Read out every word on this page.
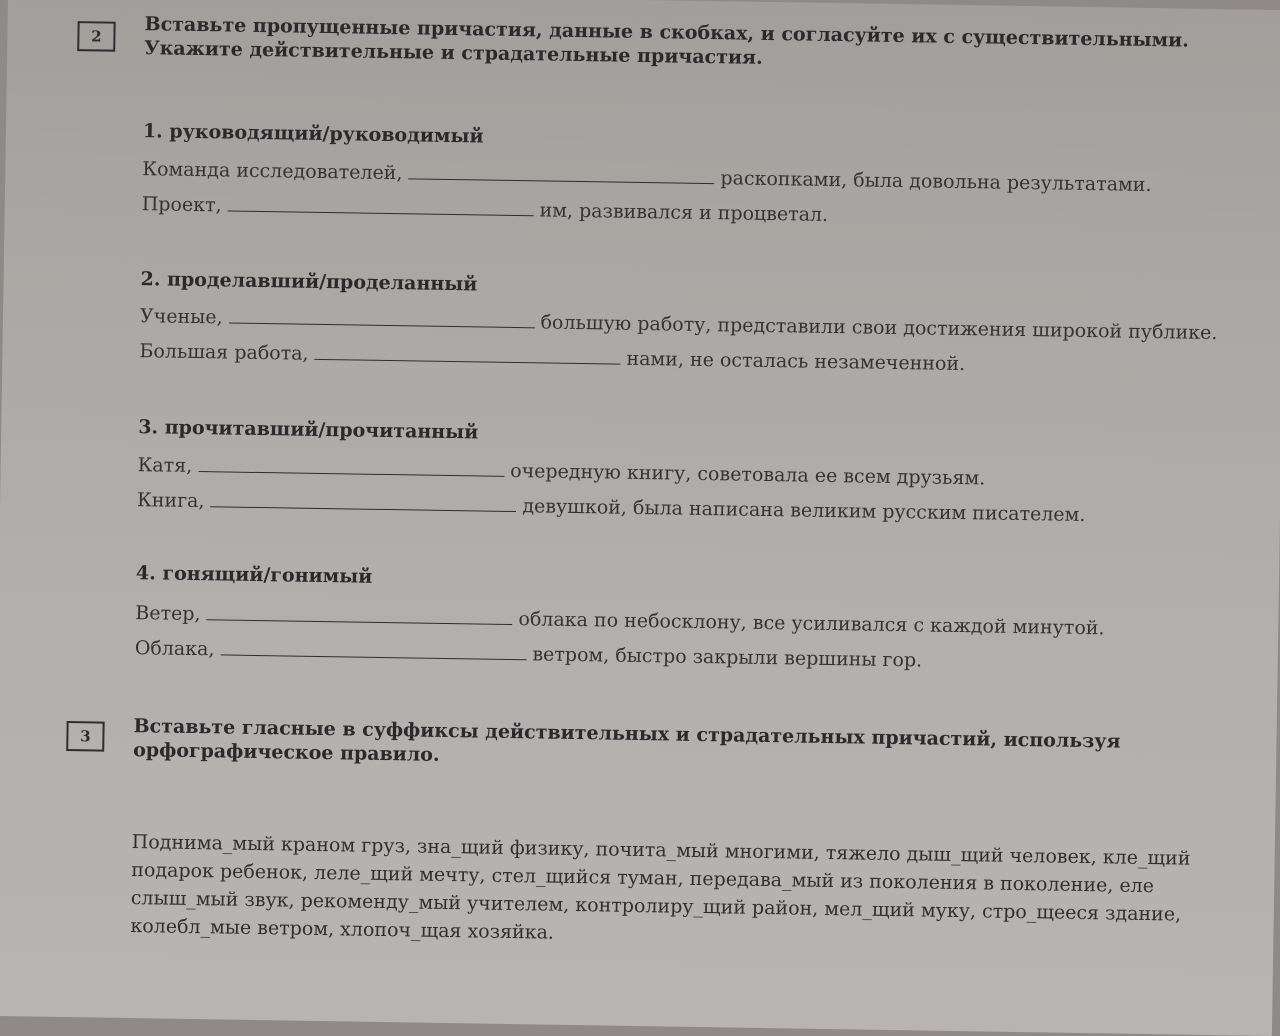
2 Вставьте пропущенные причастия, данные в скобках, и согласуйте их с существительными. Укажите действительные и страдательные причастия.
1. руководящий/руководимый
Команда исследователей,	раскопками, была довольна результатами.
Проект,	им, развивался и процветал.
2. проделавший/проделанный
Ученые,	большую работу, представили свои достижения широкой публике.
Большая работа,	нами, не осталась незамеченной.
3. прочитавший/прочитанный
Катя,	очередную книгу, советовала ее всем друзьям.
Книга,	девушкой, была написана великим русским писателем.
4. гонящий/гонимый
Ветер,	облака по небосклону, все усиливался с каждой минутой.
Облака,	ветром, быстро закрыли вершины гор.
3 Вставьте гласные в суффиксы действительных и страдательных причастий, используя орфографическое правило.
Поднима_мый краном груз, зна_щий физику, почита_мый многими, тяжело дыш_щий человек, кле_щий подарок ребенок, леле_щий мечту, стел_щийся туман, передава_мый из поколения в поколение, еле слыш_мый звук, рекоменду_мый учителем, контролиру_щий район, мел_щий муку, стро_щееся здание, колебл_мые ветром, хлопоч_щая хозяйка.
